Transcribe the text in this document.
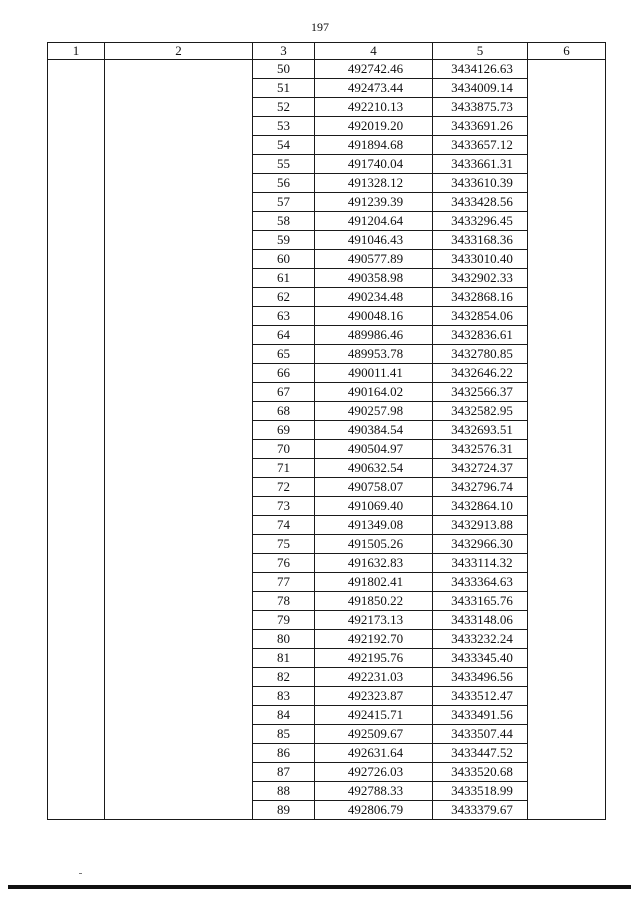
197
1	2	3	4	5	6
		50	492742.46	3434126.63	
		51	492473.44	3434009.14	
		52	492210.13	3433875.73	
		53	492019.20	3433691.26	
		54	491894.68	3433657.12	
		55	491740.04	3433661.31	
		56	491328.12	3433610.39	
		57	491239.39	3433428.56	
		58	491204.64	3433296.45	
		59	491046.43	3433168.36	
		60	490577.89	3433010.40	
		61	490358.98	3432902.33	
		62	490234.48	3432868.16	
		63	490048.16	3432854.06	
		64	489986.46	3432836.61	
		65	489953.78	3432780.85	
		66	490011.41	3432646.22	
		67	490164.02	3432566.37	
		68	490257.98	3432582.95	
		69	490384.54	3432693.51	
		70	490504.97	3432576.31	
		71	490632.54	3432724.37	
		72	490758.07	3432796.74	
		73	491069.40	3432864.10	
		74	491349.08	3432913.88	
		75	491505.26	3432966.30	
		76	491632.83	3433114.32	
		77	491802.41	3433364.63	
		78	491850.22	3433165.76	
		79	492173.13	3433148.06	
		80	492192.70	3433232.24	
		81	492195.76	3433345.40	
		82	492231.03	3433496.56	
		83	492323.87	3433512.47	
		84	492415.71	3433491.56	
		85	492509.67	3433507.44	
		86	492631.64	3433447.52	
		87	492726.03	3433520.68	
		88	492788.33	3433518.99	
		89	492806.79	3433379.67	
